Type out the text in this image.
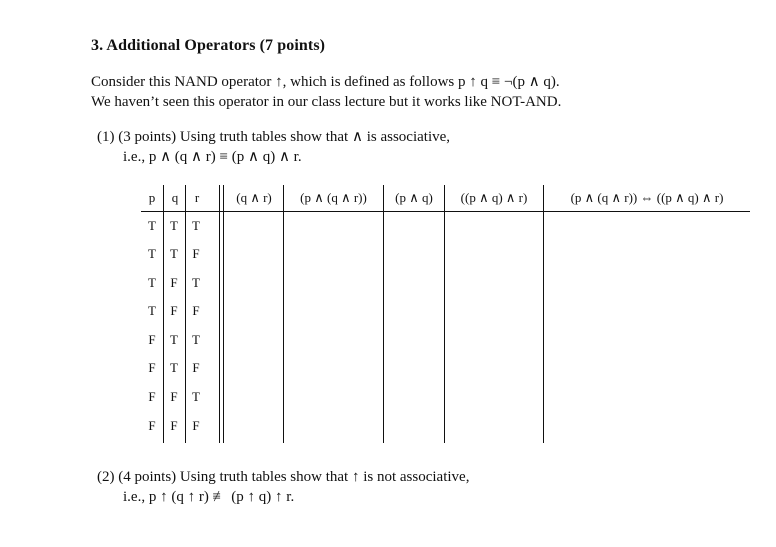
3. Additional Operators (7 points)
Consider this NAND operator ↑, which is defined as follows p ↑ q ≡ ¬(p ∧ q).
We haven’t seen this operator in our class lecture but it works like NOT-AND.
(1) (3 points) Using truth tables show that ∧ is associative,
i.e., p ∧ (q ∧ r) ≡ (p ∧ q) ∧ r.
p	q	r	(q ∧ r)	(p ∧ (q ∧ r))	(p ∧ q)	((p ∧ q) ∧ r)	(p ∧ (q ∧ r)) ⇔ ((p ∧ q) ∧ r)
T	T	T
T	T	F
T	F	T
T	F	F
F	T	T
F	T	F
F	F	T
F	F	F
(2) (4 points) Using truth tables show that ↑ is not associative,
i.e., p ↑ (q ↑ r) ≢ (p ↑ q) ↑ r.
